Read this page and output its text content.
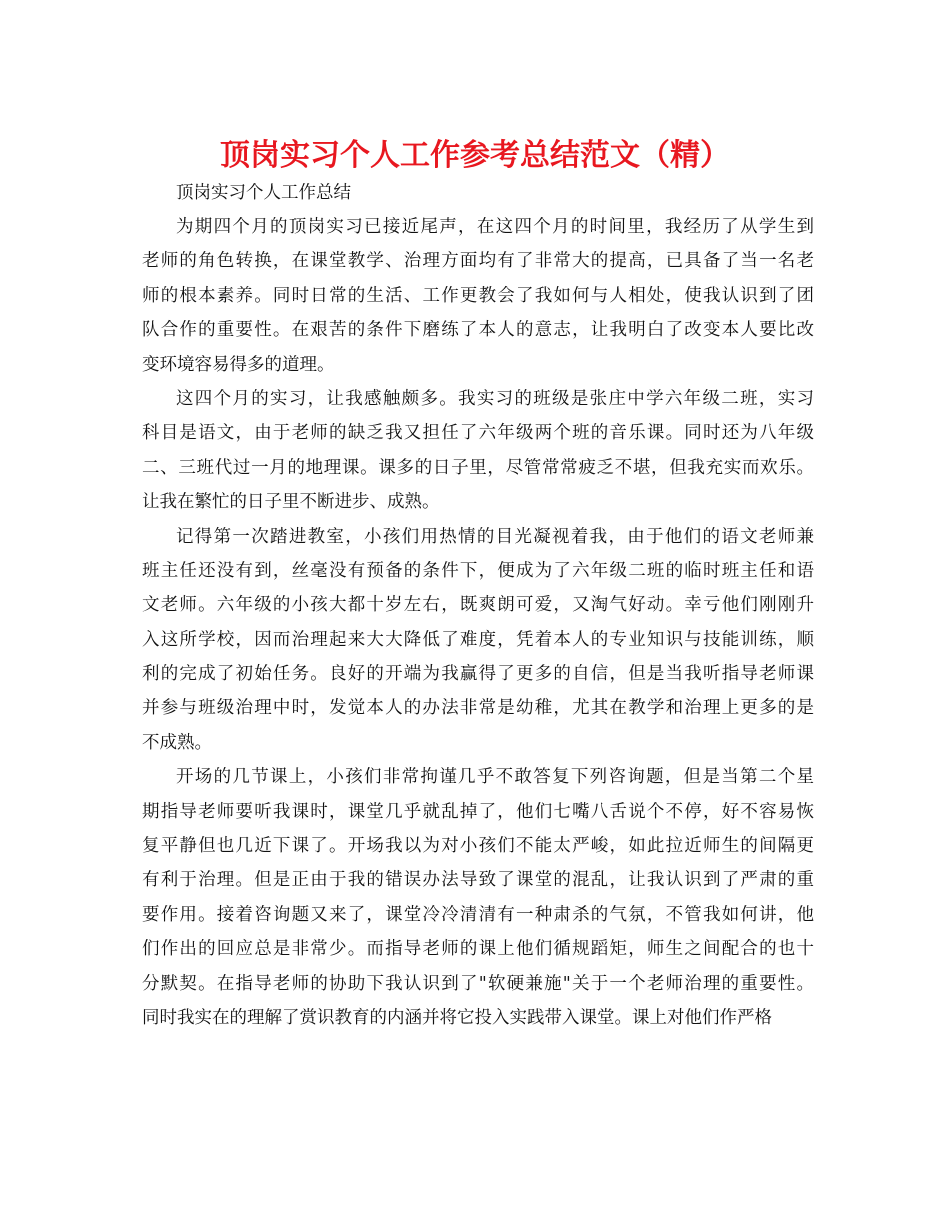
顶岗实习个人工作参考总结范文（精）
顶岗实习个人工作总结
为期四个月的顶岗实习已接近尾声，在这四个月的时间里，我经历了从学生到
老师的角色转换，在课堂教学、治理方面均有了非常大的提高，已具备了当一名老
师的根本素养。同时日常的生活、工作更教会了我如何与人相处，使我认识到了团
队合作的重要性。在艰苦的条件下磨练了本人的意志，让我明白了改变本人要比改
变环境容易得多的道理。
这四个月的实习，让我感触颇多。我实习的班级是张庄中学六年级二班，实习
科目是语文，由于老师的缺乏我又担任了六年级两个班的音乐课。同时还为八年级
二、三班代过一月的地理课。课多的日子里，尽管常常疲乏不堪，但我充实而欢乐。
让我在繁忙的日子里不断进步、成熟。
记得第一次踏进教室，小孩们用热情的目光凝视着我，由于他们的语文老师兼
班主任还没有到，丝毫没有预备的条件下，便成为了六年级二班的临时班主任和语
文老师。六年级的小孩大都十岁左右，既爽朗可爱，又淘气好动。幸亏他们刚刚升
入这所学校，因而治理起来大大降低了难度，凭着本人的专业知识与技能训练，顺
利的完成了初始任务。良好的开端为我赢得了更多的自信，但是当我听指导老师课
并参与班级治理中时，发觉本人的办法非常是幼稚，尤其在教学和治理上更多的是
不成熟。
开场的几节课上，小孩们非常拘谨几乎不敢答复下列咨询题，但是当第二个星
期指导老师要听我课时，课堂几乎就乱掉了，他们七嘴八舌说个不停，好不容易恢
复平静但也几近下课了。开场我以为对小孩们不能太严峻，如此拉近师生的间隔更
有利于治理。但是正由于我的错误办法导致了课堂的混乱，让我认识到了严肃的重
要作用。接着咨询题又来了，课堂冷冷清清有一种肃杀的气氛，不管我如何讲，他
们作出的回应总是非常少。而指导老师的课上他们循规蹈矩，师生之间配合的也十
分默契。在指导老师的协助下我认识到了"软硬兼施"关于一个老师治理的重要性。
同时我实在的理解了赏识教育的内涵并将它投入实践带入课堂。课上对他们作严格
